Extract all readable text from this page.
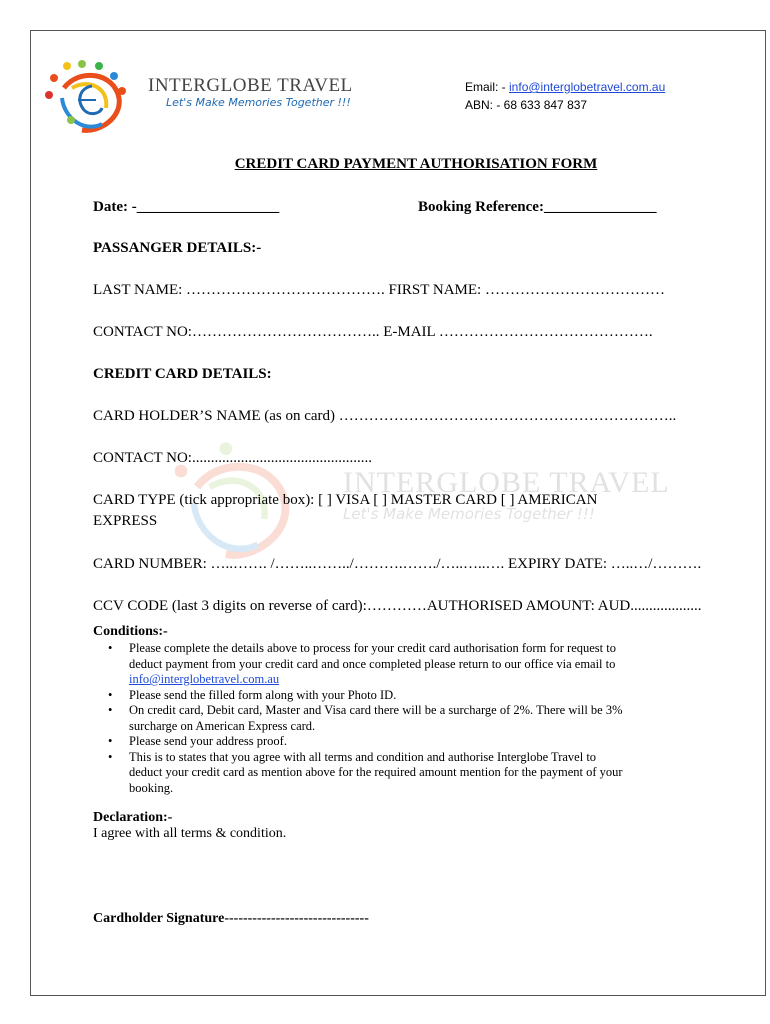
INTERGLOBE TRAVEL
Let's Make Memories Together !!!
Email: - info@interglobetravel.com.au
ABN: - 68 633 847 837
INTERGLOBE TRAVEL
Let's Make Memories Together !!!
CREDIT CARD PAYMENT AUTHORISATION FORM
Date: -___________________	Booking Reference:_______________
PASSANGER DETAILS:-
LAST NAME: …………………………………. FIRST NAME: ………………………………
CONTACT NO:……………………………….. E-MAIL …………………………………….
CREDIT CARD DETAILS:
CARD HOLDER’S NAME (as on card) …………………………………………………………..
CONTACT NO:................................................
CARD TYPE (tick appropriate box): [ ] VISA [ ] MASTER CARD [ ] AMERICAN
EXPRESS
CARD NUMBER: …..……. /……..……../……….……./…..…..…. EXPIRY DATE: …..…/……….
CCV CODE (last 3 digits on reverse of card):…………AUTHORISED AMOUNT: AUD...................
Conditions:-
• Please complete the details above to process for your credit card authorisation form for request to
deduct payment from your credit card and once completed please return to our office via email to
info@interglobetravel.com.au
• Please send the filled form along with your Photo ID.
• On credit card, Debit card, Master and Visa card there will be a surcharge of 2%. There will be 3%
surcharge on American Express card.
• Please send your address proof.
• This is to states that you agree with all terms and condition and authorise Interglobe Travel to
deduct your credit card as mention above for the required amount mention for the payment of your
booking.
Declaration:-
I agree with all terms & condition.
Cardholder Signature-------------------------------
